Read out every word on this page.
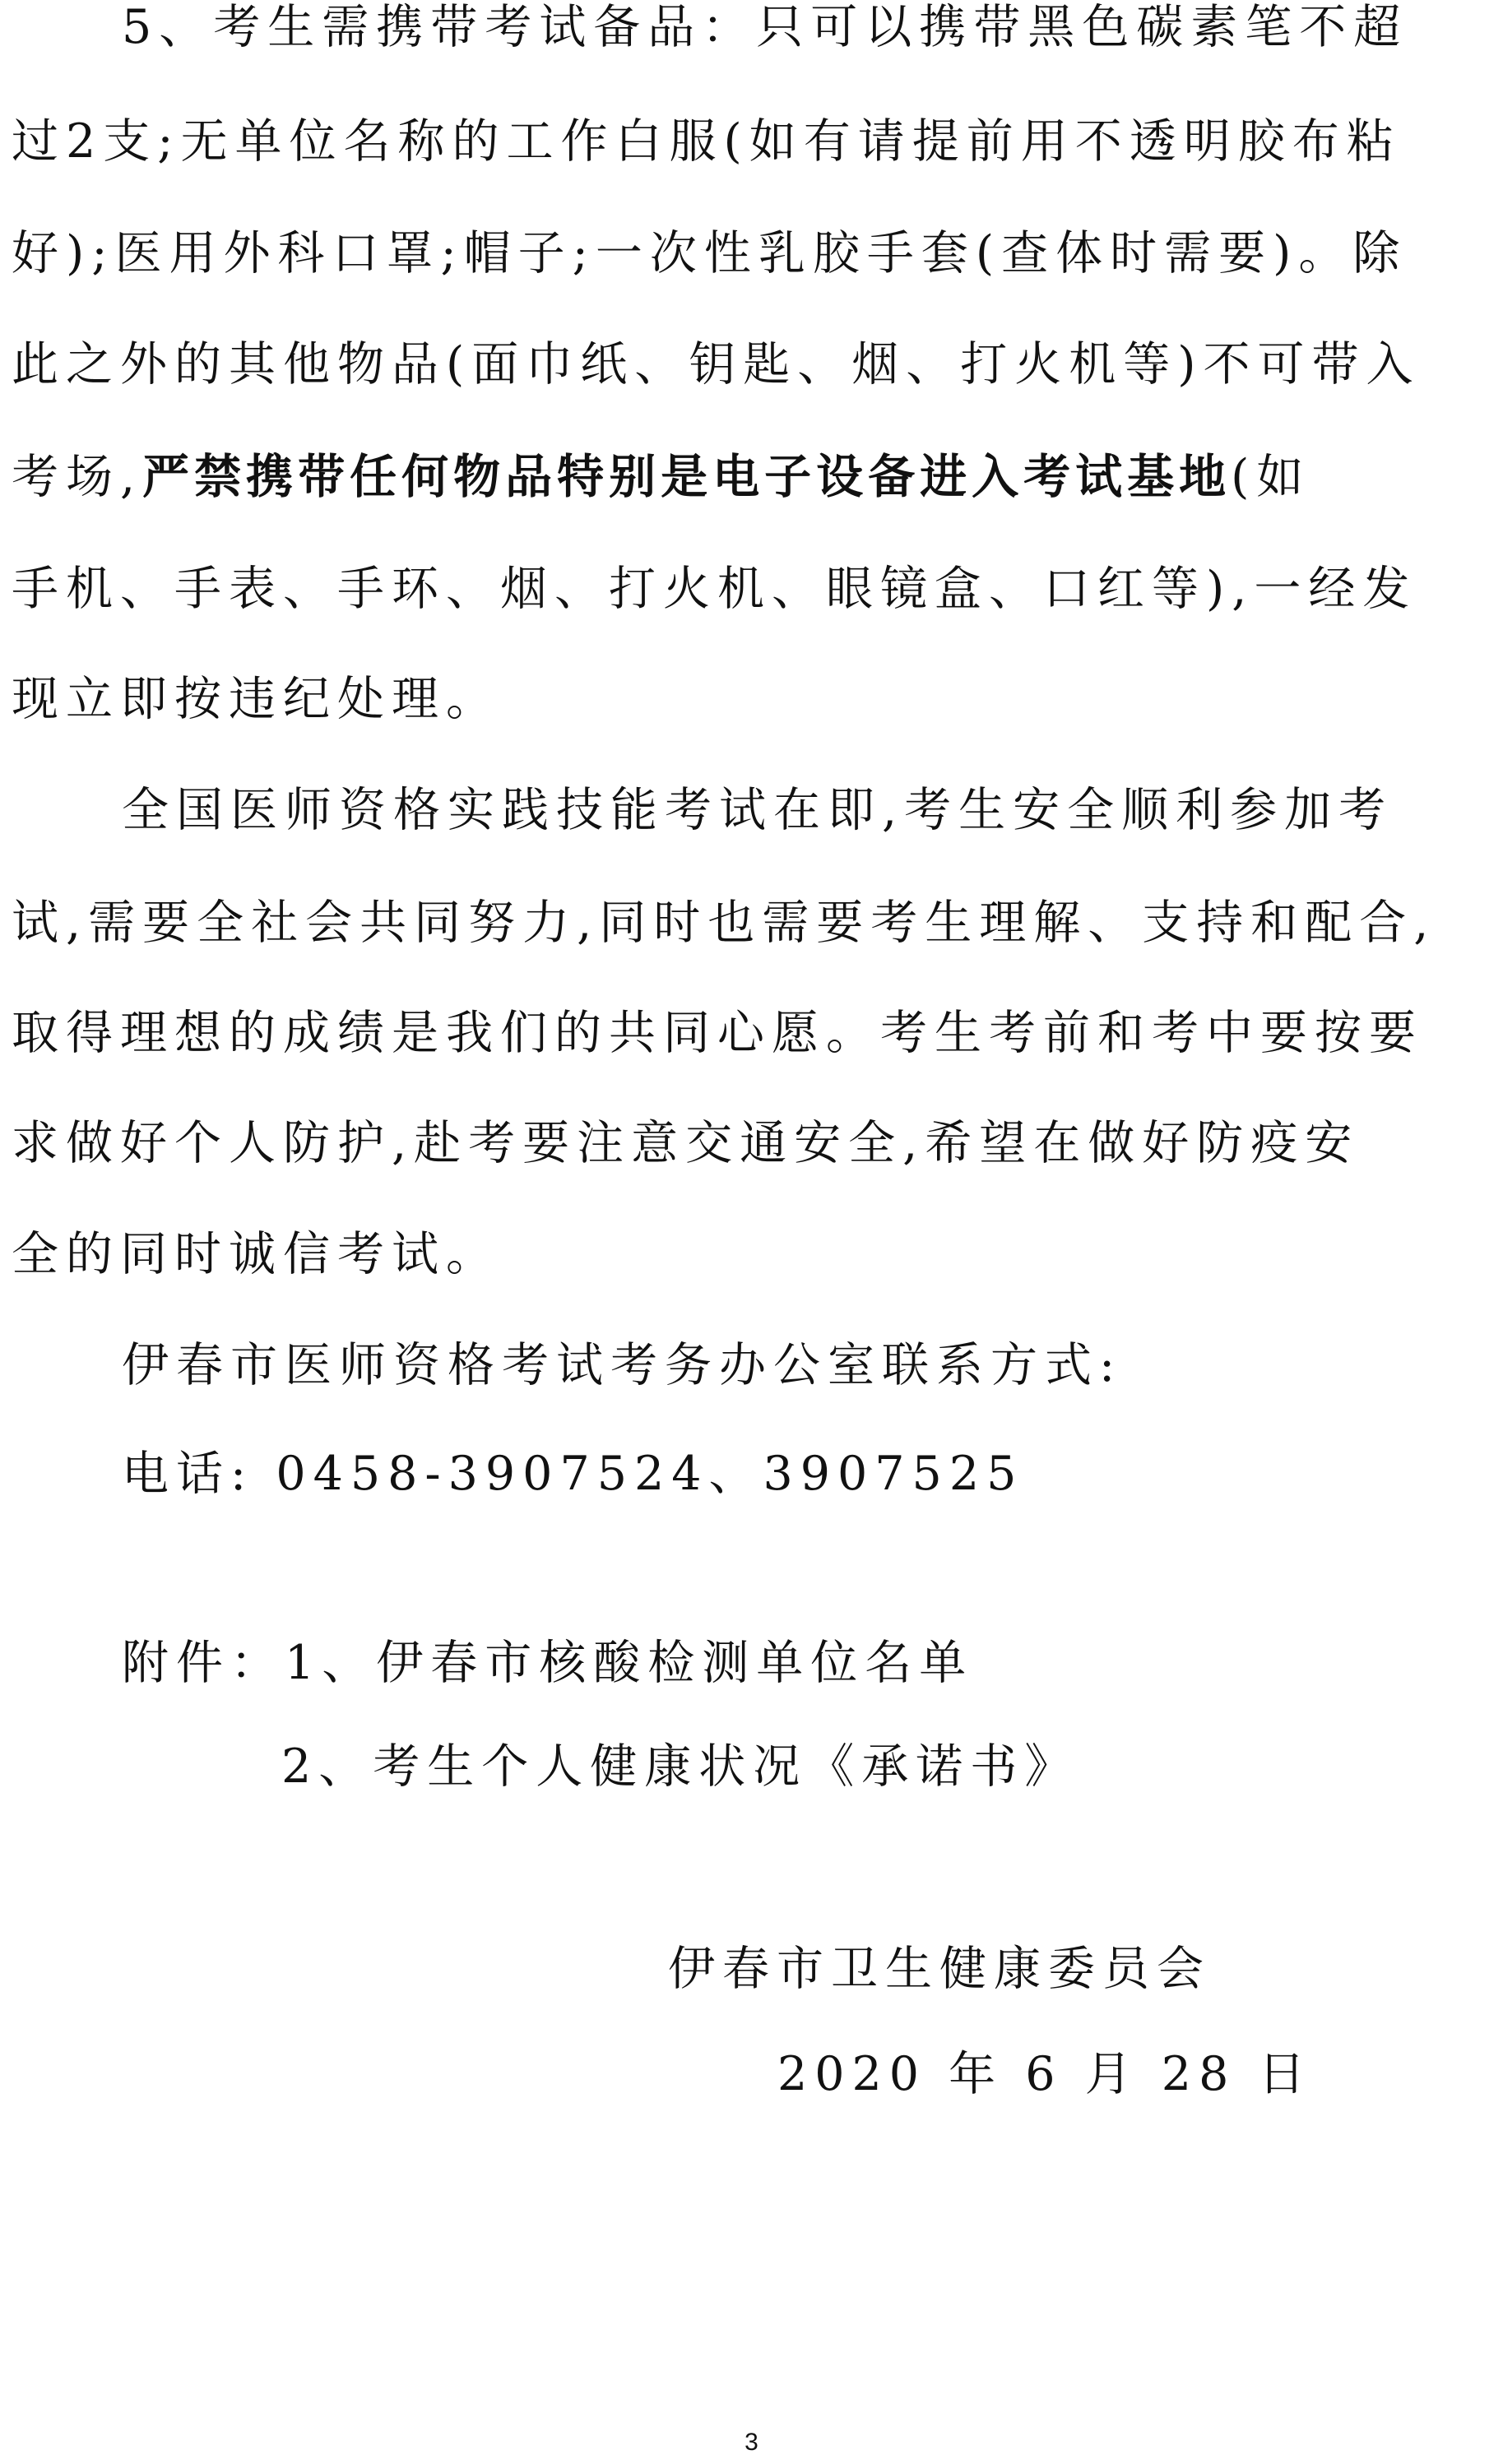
5、考生需携带考试备品：只可以携带黑色碳素笔不超
过2支;无单位名称的工作白服(如有请提前用不透明胶布粘
好);医用外科口罩;帽子;一次性乳胶手套(查体时需要)。除
此之外的其他物品(面巾纸、钥匙、烟、打火机等)不可带入
考场,严禁携带任何物品特别是电子设备进入考试基地(如
手机、手表、手环、烟、打火机、眼镜盒、口红等),一经发
现立即按违纪处理。
全国医师资格实践技能考试在即,考生安全顺利参加考
试,需要全社会共同努力,同时也需要考生理解、支持和配合,
取得理想的成绩是我们的共同心愿。考生考前和考中要按要
求做好个人防护,赴考要注意交通安全,希望在做好防疫安
全的同时诚信考试。
伊春市医师资格考试考务办公室联系方式:
电话: 0458-3907524、3907525
附件：1、伊春市核酸检测单位名单
2、考生个人健康状况《承诺书》
伊春市卫生健康委员会
2020 年 6 月 28 日
3
